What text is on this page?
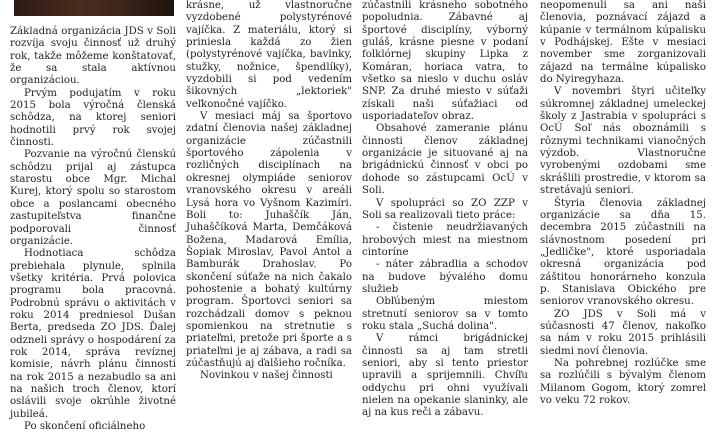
Základná organizácia JDS v Soli rozvíja svoju činnosť už druhý rok, takže môžeme konštatovať, že sa stala aktívnou organizáciou.

Prvým podujatím v roku 2015 bola výročná členská schôdza, na ktorej seniori hodnotili prvý rok svojej činnosti.

Pozvanie na výročnú členskú schôdzu prijal aj zástupca starostu obce Mgr. Michal Kurej, ktorý spolu so starostom obce a poslancami obecného zastupiteľstva finančne podporovali činnosť organizácie.

Hodnotiaca schôdza prebiehala plynule, splnila všetky kritéria. Prvá polovica programu bola pracovná. Podrobnú správu o aktivitách v roku 2014 predniesol Dušan Berta, predseda ZO JDS. Ďalej odzneli správy o hospodárení za rok 2014, správa revíznej komisie, návrh plánu činnosti na rok 2015 a nezabudlo sa ani na našich troch členov, ktorí oslávili svoje okrúhle životné jubileá.

Po skončení oficiálneho

krásne, už vlastnoručne vyzdobené polystyrénové vajíčka. Z materiálu, ktorý si priniesla každá zo žien (polystyrénové vajíčka, bavlnky, stužky, nožnice, špendlíky), vyzdobili si pod vedením šikovných „lektoriek" veľkonočné vajíčko.

V mesiaci máj sa športovo zdatní členovia našej základnej organizácie zúčastnili športového zápolenia v rozličných disciplínach na okresnej olympiáde seniorov vranovského okresu v areáli Lysá hora vo Vyšnom Kazimíri. Boli to: Juhaščík Ján, Juhaščíková Marta, Demčáková Božena, Madarová Emília, Šopiak Miroslav, Pavol Antol a Bamburák Drahoslav. Po skončení súťaže na nich čakalo pohostenie a bohatý kultúrny program. Športovci seniori sa rozchádzali domov s peknou spomienkou na stretnutie s priateľmi, pretože pri športe a s priateľmi je aj zábava, a radi sa zúčastňujú aj ďalšieho ročníka.

Novinkou v našej činnosti

neopomenuli sa ani naši členovia, poznávací zájazd a kúpanie v termálnom kúpalisku v Podhájskej. Ešte v mesiaci november sme zorganizovali zájazd na termálne kúpalisko do Nyiregyhaza.

V novembri štyri učiteľky súkromnej základnej umeleckej školy z Jastrabia v spolupráci s OcÚ Soľ nás oboznámili s rôznymi technikami vianočných výzdob. Vlastnoručne vyrobenými ozdobami sme skrášlili prostredie, v ktorom sa stretávajú seniori.

Štyria členovia základnej organizácie sa dňa 15. decembra 2015 zúčastnili na slávnostnom posedení pri „Jedličke", ktoré usporiadala okresná organizácia pod záštitou honorárneho konzula p. Stanislava Obického pre seniorov vranovského okresu.

ZO JDS v Soli má v súčasnosti 47 členov, nakoľko sa nám v roku 2015 prihlásili siedmi noví členovia.

Na pohrebnej rozlúčke sme sa rozlúčili s bývalým členom Milanom Gogom, ktorý zomrel vo veku 72 rokov.

zúčastnili krásneho sobotného popoludnia. Zábavné aj športové disciplíny, výborný guláš, krásne piesne v podaní folklórnej skupiny Lipka z Komáran, horiaca vatra, to všetko sa nieslo v duchu osláv SNP. Za druhé miesto v súťaži získali naši súťažiaci od usporiadateľov obraz.

Obsahové zameranie plánu činnosti členov základnej organizácie je situované aj na brigádnickú činnosť v obci po dohode so zástupcami OcÚ v Soli.

V spolupráci so ZO ZZP v Soli sa realizovali tieto práce:

- čistenie neudržiavaných hrobových miest na miestnom cintoríne

- náter zábradlia a schodov na budove bývalého domu služieb

Obľúbeným miestom stretnutí seniorov sa v tomto roku stala „Suchá dolina".

V rámci brigádnickej činnosti sa aj tam stretli seniori, aby si tento priestor upravili a sprijemnili. Chvíľu oddychu pri ohni využívali nielen na opekanie slaninky, ale aj na kus reči a zábavu.
